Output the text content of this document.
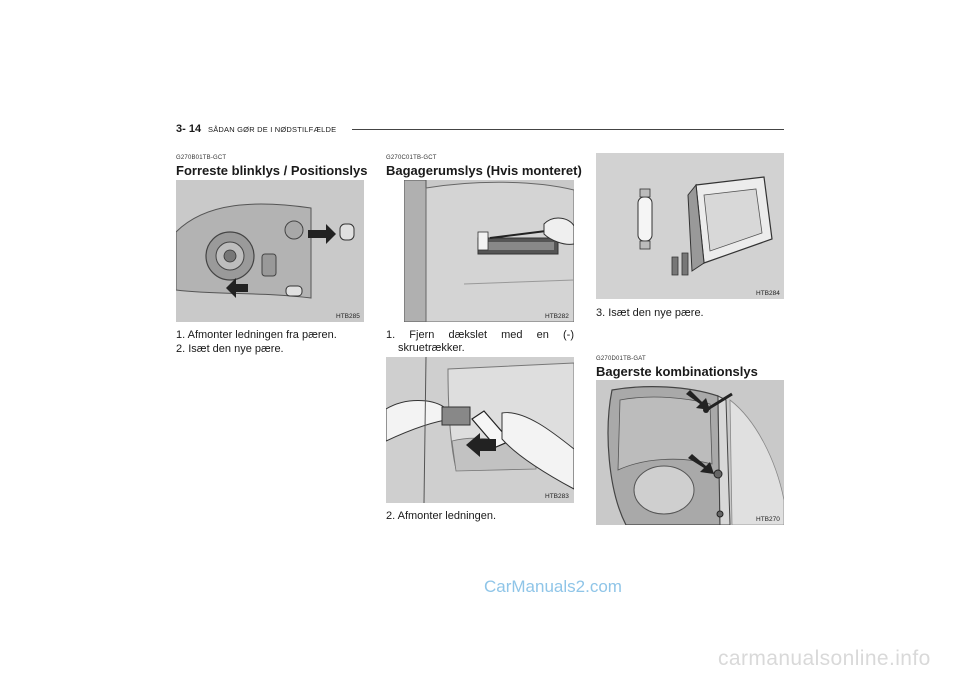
3- 14 SÅDAN GØR DE I NØDSTILFÆLDE
G270B01TB-GCT
Forreste blinklys / Positionslys
HTB285
1. Afmonter ledningen fra pæren.
2. Isæt den nye pære.
G270C01TB-GCT
Bagagerumslys (Hvis monteret)
HTB282
1. Fjern dækslet med en (-)
skruetrækker.
HTB283
2. Afmonter ledningen.
HTB284
3. Isæt den nye pære.
G270D01TB-GAT
Bagerste kombinationslys
HTB270
CarManuals2.com
carmanualsonline.info
